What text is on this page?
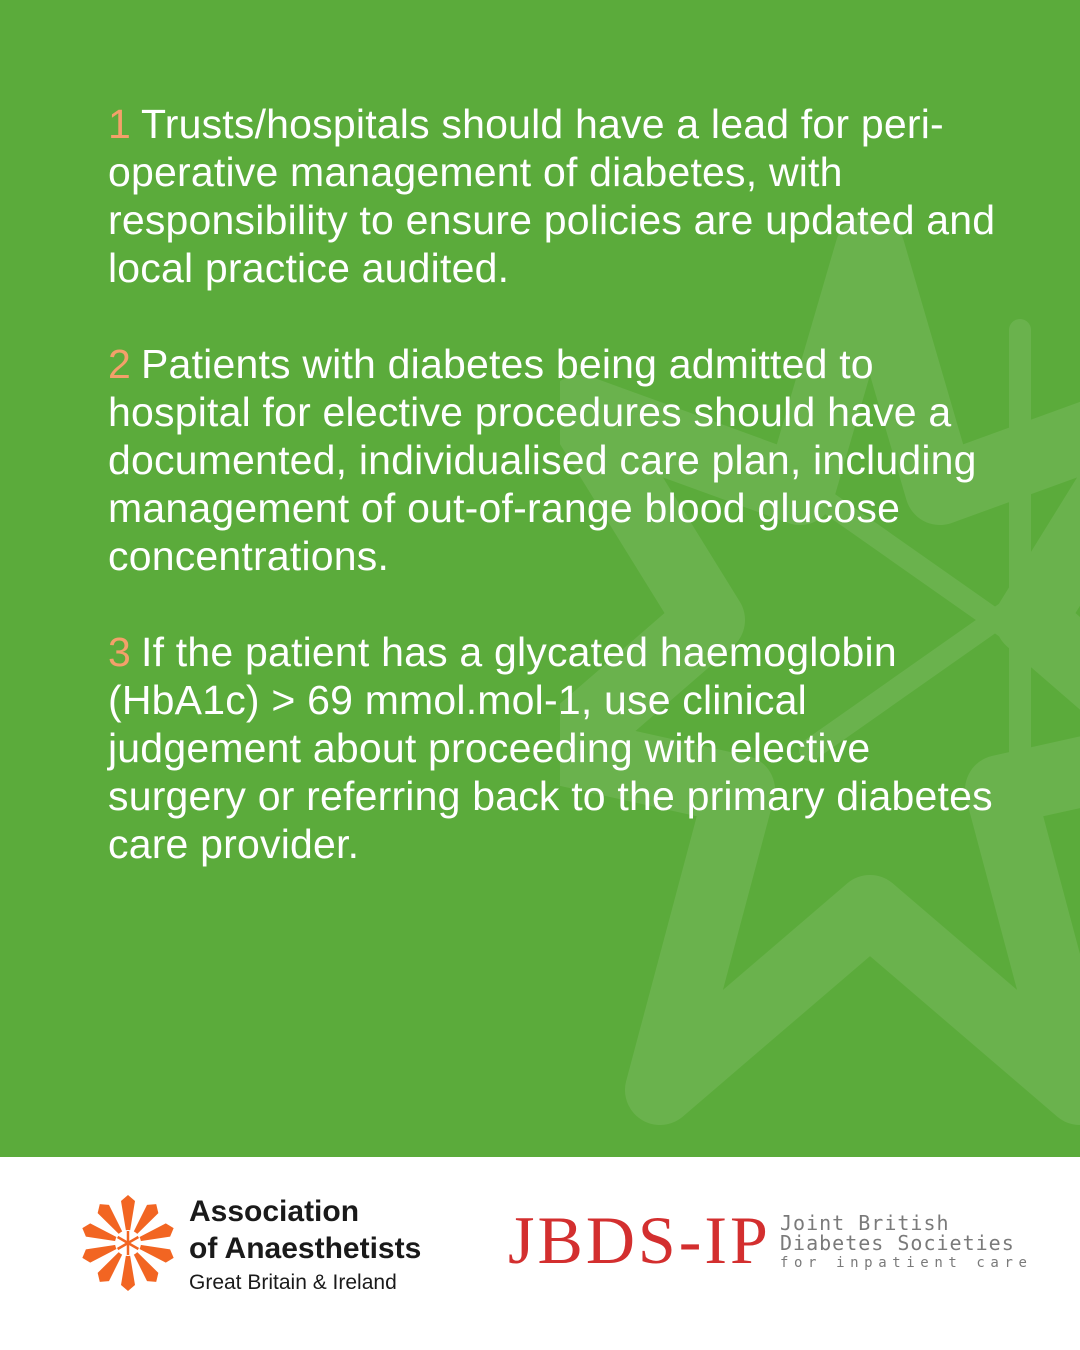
1 Trusts/hospitals should have a lead for peri-operative management of diabetes, with responsibility to ensure policies are updated and local practice audited.

2 Patients with diabetes being admitted to hospital for elective procedures should have a documented, individualised care plan, including management of out-of-range blood glucose concentrations.

3 If the patient has a glycated haemoglobin (HbA1c) > 69 mmol.mol-1, use clinical judgement about proceeding with elective surgery or referring back to the primary diabetes care provider.

Association
of Anaesthetists
Great Britain & Ireland
JBDS-IP Joint British
Diabetes Societies
for inpatient care
